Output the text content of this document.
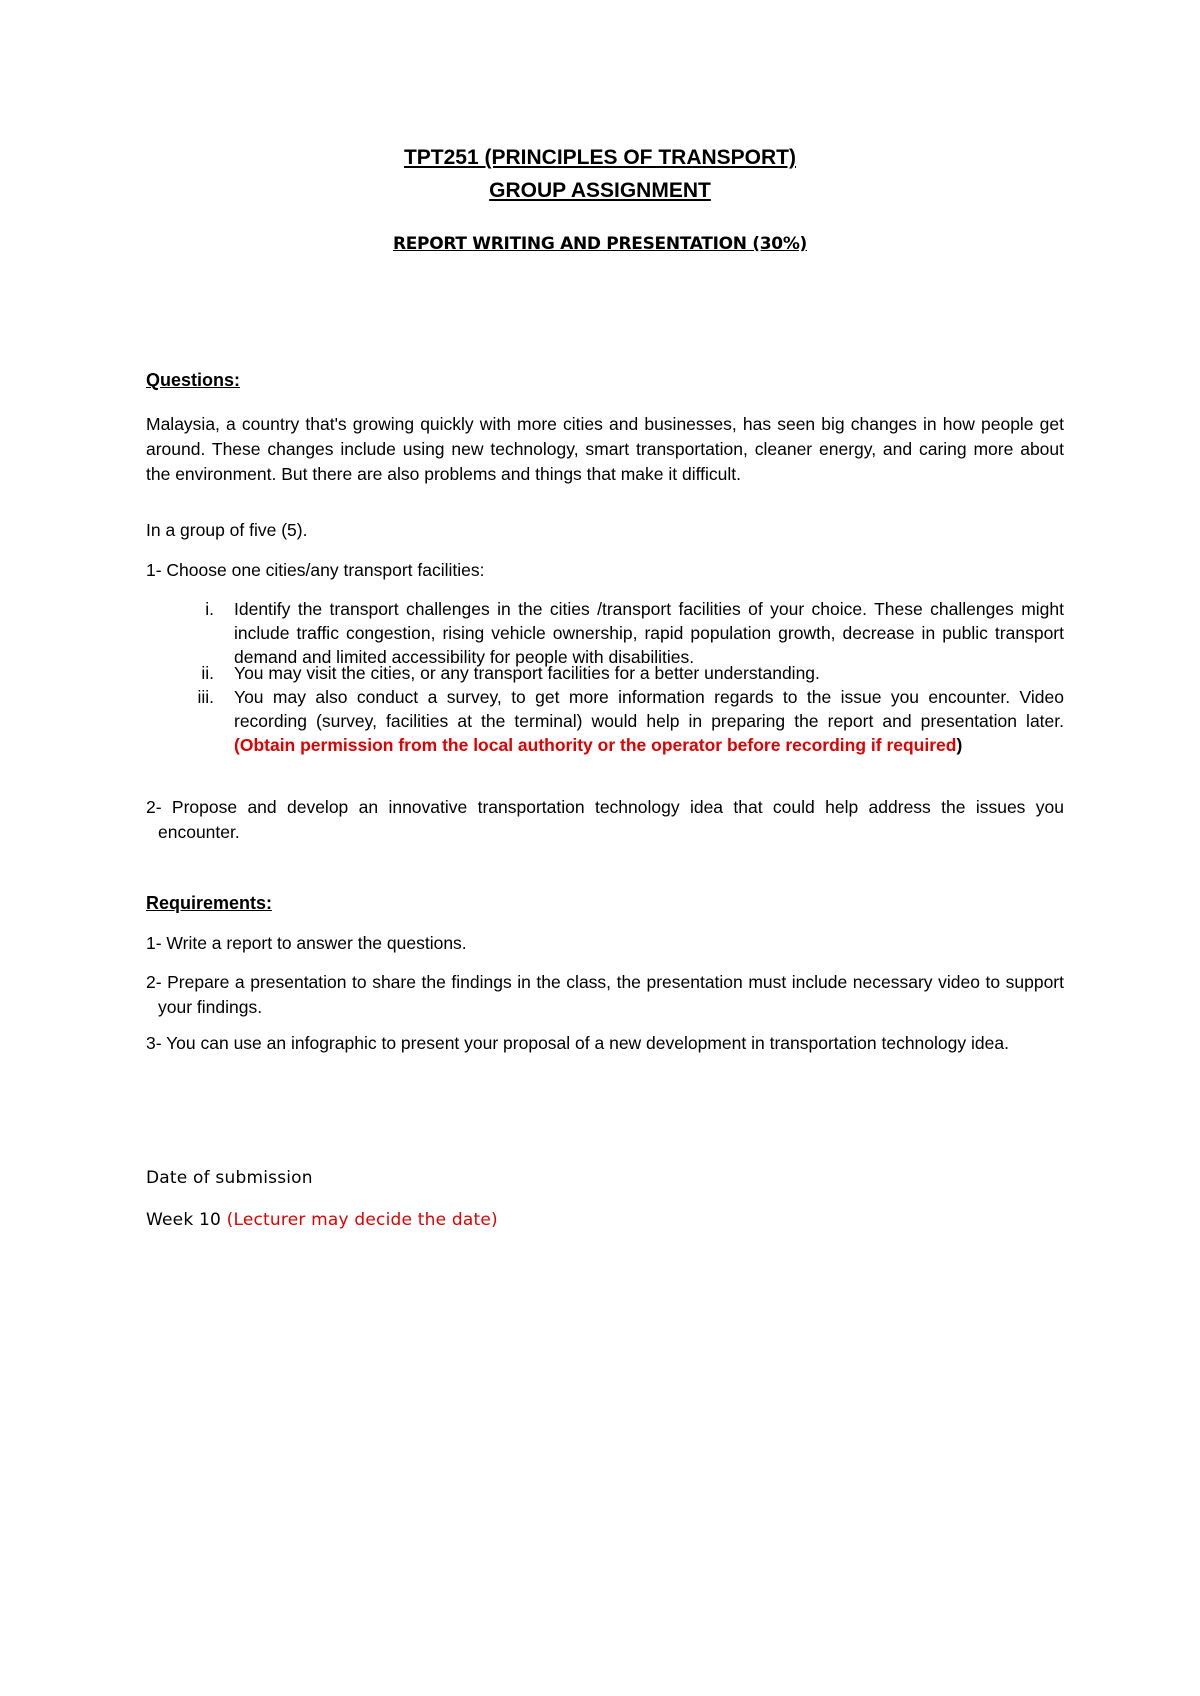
TPT251 (PRINCIPLES OF TRANSPORT)
GROUP ASSIGNMENT
REPORT WRITING AND PRESENTATION (30%)
Questions:
Malaysia, a country that's growing quickly with more cities and businesses, has seen big changes in how people get around. These changes include using new technology, smart transportation, cleaner energy, and caring more about the environment. But there are also problems and things that make it difficult.
In a group of five (5).
1- Choose one cities/any transport facilities:
i. Identify the transport challenges in the cities /transport facilities of your choice. These challenges might include traffic congestion, rising vehicle ownership, rapid population growth, decrease in public transport demand and limited accessibility for people with disabilities.
ii. You may visit the cities, or any transport facilities for a better understanding.
iii. You may also conduct a survey, to get more information regards to the issue you encounter. Video recording (survey, facilities at the terminal) would help in preparing the report and presentation later. (Obtain permission from the local authority or the operator before recording if required)
2- Propose and develop an innovative transportation technology idea that could help address the issues you encounter.
Requirements:
1- Write a report to answer the questions.
2- Prepare a presentation to share the findings in the class, the presentation must include necessary video to support your findings.
3- You can use an infographic to present your proposal of a new development in transportation technology idea.
Date of submission
Week 10 (Lecturer may decide the date)
